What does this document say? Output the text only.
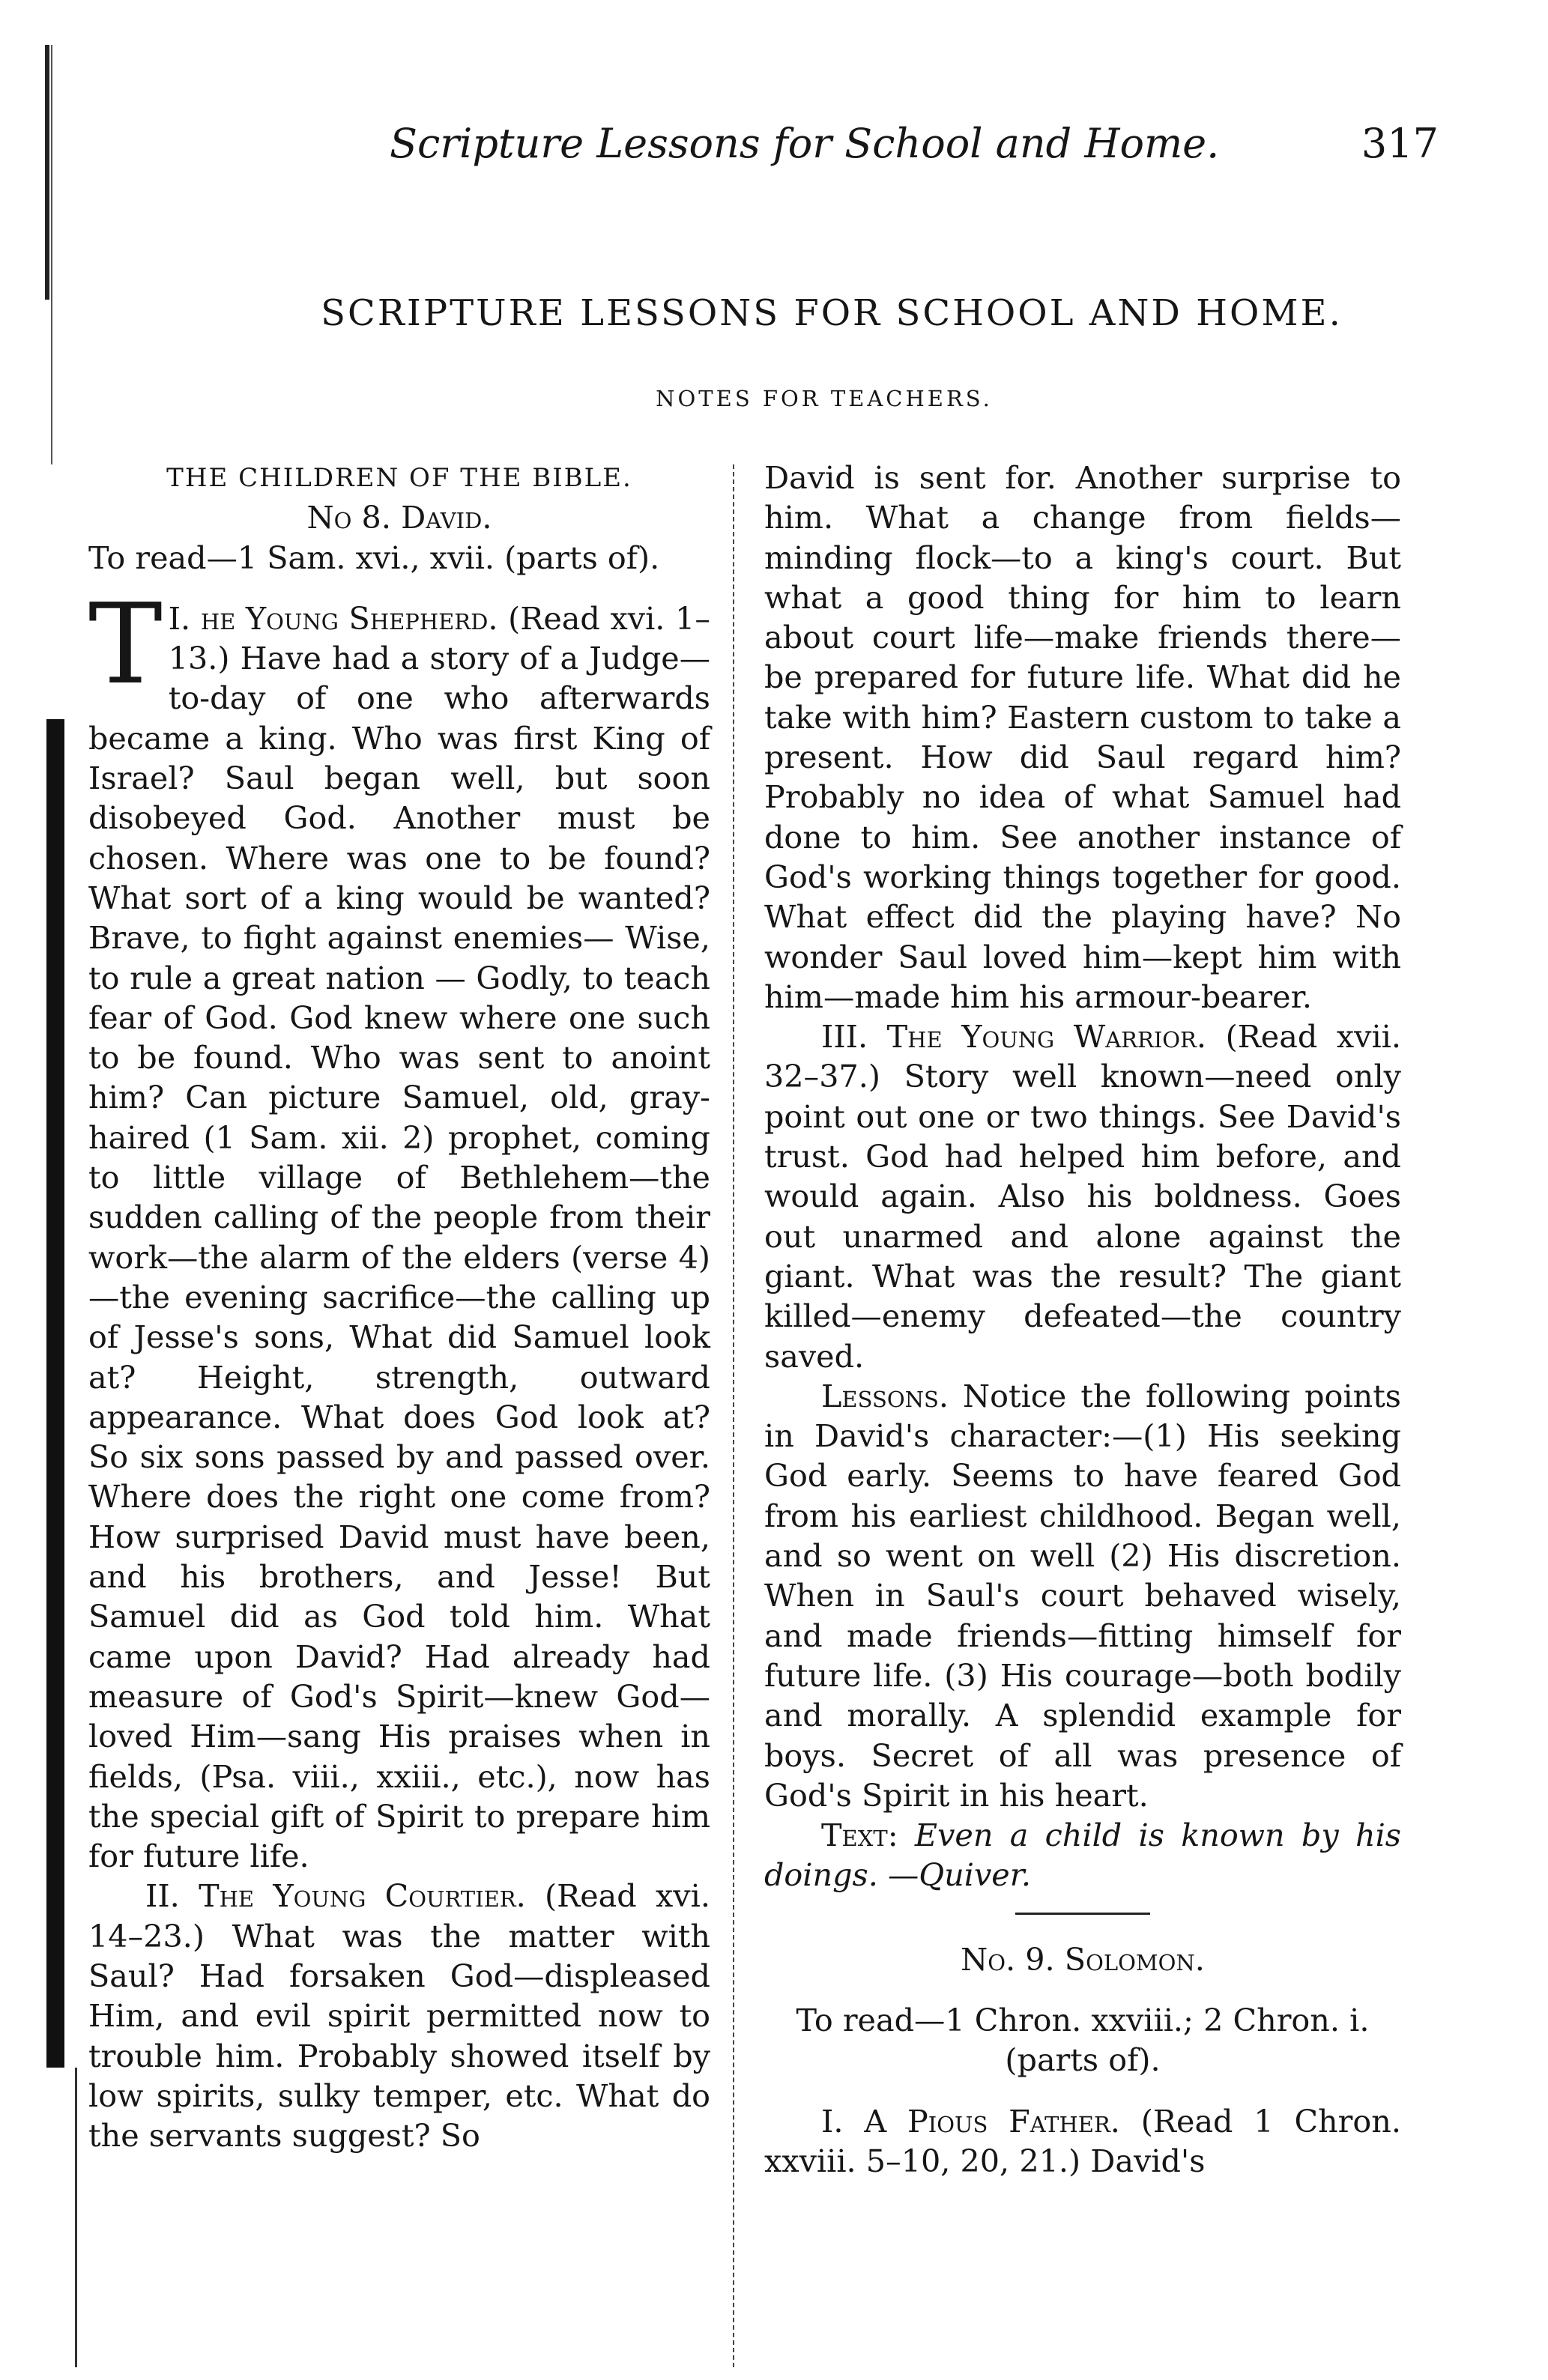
Scripture Lessons for School and Home.	317
SCRIPTURE LESSONS FOR SCHOOL AND HOME.
NOTES FOR TEACHERS.

THE CHILDREN OF THE BIBLE.

No 8. David.

To read—1 Sam. xvi., xvii. (parts of).

I.
T he Young Shepherd. (Read xvi. 1–13.) Have had a story of a Judge—to-day of one who afterwards became a king. Who was first King of Israel? Saul began well, but soon disobeyed God. Another must be chosen. Where was one to be found? What sort of a king would be wanted? Brave, to fight against enemies— Wise, to rule a great nation — Godly, to teach fear of God. God knew where one such to be found. Who was sent to anoint him? Can picture Samuel, old, gray-haired (1 Sam. xii. 2) prophet, coming to little village of Bethlehem—the sudden calling of the people from their work—the alarm of the elders (verse 4)—the evening sacrifice—the calling up of Jesse's sons, What did Samuel look at? Height, strength, outward appearance. What does God look at? So six sons passed by and passed over. Where does the right one come from? How surprised David must have been, and his brothers, and Jesse! But Samuel did as God told him. What came upon David? Had already had measure of God's Spirit—knew God—loved Him—sang His praises when in fields, (Psa. viii., xxiii., etc.), now has the special gift of Spirit to prepare him for future life.

II. The Young Courtier. (Read xvi. 14–23.) What was the matter with Saul? Had forsaken God—displeased Him, and evil spirit permitted now to trouble him. Probably showed itself by low spirits, sulky temper, etc. What do the servants suggest? So

David is sent for. Another surprise to him. What a change from fields—minding flock—to a king's court. But what a good thing for him to learn about court life—make friends there—be prepared for future life. What did he take with him? Eastern custom to take a present. How did Saul regard him? Probably no idea of what Samuel had done to him. See another instance of God's working things together for good. What effect did the playing have? No wonder Saul loved him—kept him with him—made him his armour-bearer.

III. The Young Warrior. (Read xvii. 32–37.) Story well known—need only point out one or two things. See David's trust. God had helped him before, and would again. Also his boldness. Goes out unarmed and alone against the giant. What was the result? The giant killed—enemy defeated—the country saved.

Lessons. Notice the following points in David's character:—(1) His seeking God early. Seems to have feared God from his earliest childhood. Began well, and so went on well (2) His discretion. When in Saul's court behaved wisely, and made friends—fitting himself for future life. (3) His courage—both bodily and morally. A splendid example for boys. Secret of all was presence of God's Spirit in his heart.

Text: Even a child is known by his doings. —Quiver.

No. 9. Solomon.

To read—1 Chron. xxviii.; 2 Chron. i. (parts of).

I. A Pious Father. (Read 1 Chron. xxviii. 5–10, 20, 21.) David's
